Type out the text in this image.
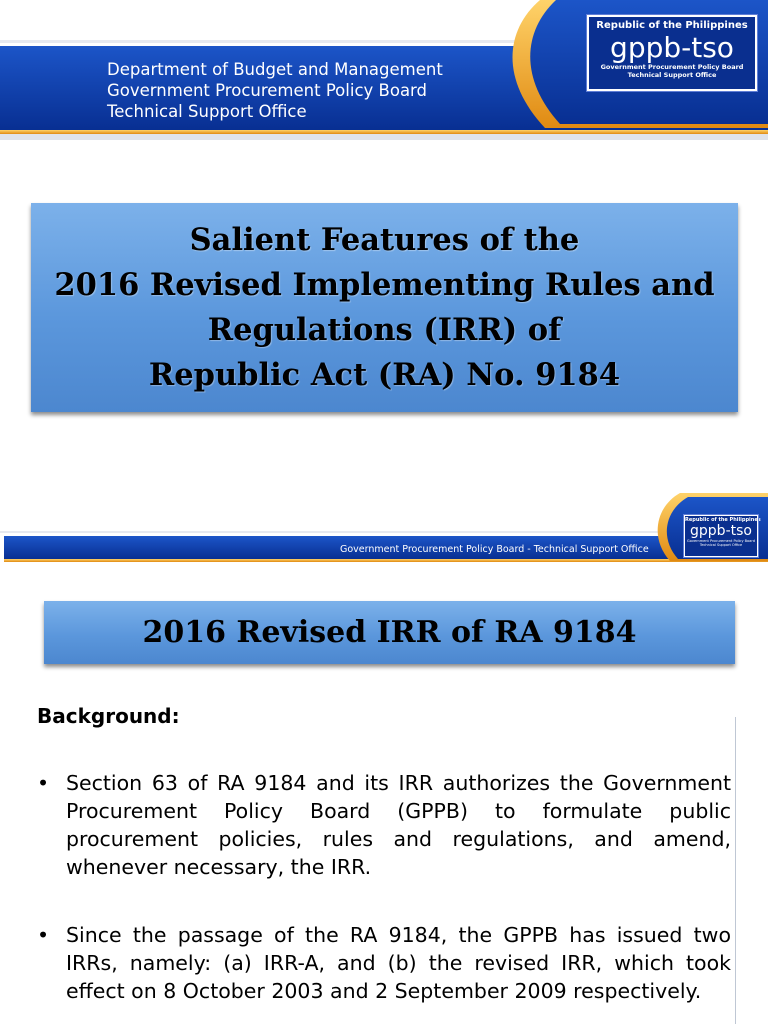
Department of Budget and Management
Government Procurement Policy Board
Technical Support Office
Republic of the Philippines
gppb-tso
Government Procurement Policy Board
Technical Support Office
Salient Features of the
2016 Revised Implementing Rules and
Regulations (IRR) of
Republic Act (RA) No. 9184
Government Procurement Policy Board - Technical Support Office
Republic of the Philippines
gppb-tso
Government Procurement Policy Board
Technical Support Office
2016 Revised IRR of RA 9184
Background:
• Section 63 of RA 9184 and its IRR authorizes the Government Procurement Policy Board (GPPB) to formulate public procurement policies, rules and regulations, and amend, whenever necessary, the IRR.
• Since the passage of the RA 9184, the GPPB has issued two IRRs, namely: (a) IRR-A, and (b) the revised IRR, which took effect on 8 October 2003 and 2 September 2009 respectively.
